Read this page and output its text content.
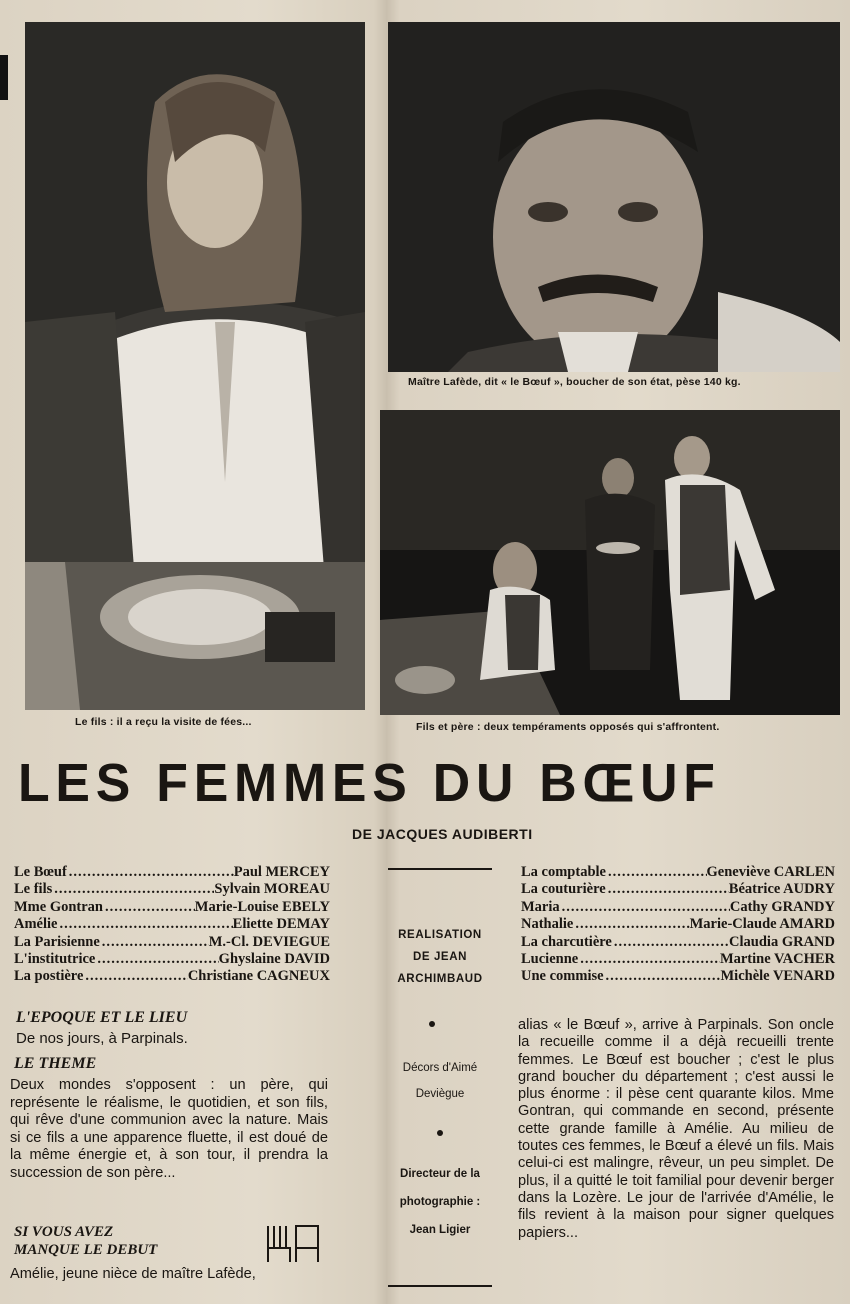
Le fils : il a reçu la visite de fées...
Maître Lafède, dit « le Bœuf », boucher de son état, pèse 140 kg.
Fils et père : deux tempéraments opposés qui s'affrontent.
LES FEMMES DU BŒUF
DE JACQUES AUDIBERTI
Le Bœuf .....	Paul MERCEY
Le fils .....	Sylvain MOREAU
Mme Gontran .....	Marie-Louise EBELY
Amélie .....	Eliette DEMAY
La Parisienne .....	M.-Cl. DEVIEGUE
L'institutrice .....	Ghyslaine DAVID
La postière .....	Christiane CAGNEUX
La comptable .....	Geneviève CARLEN
La couturière .....	Béatrice AUDRY
Maria .....	Cathy GRANDY
Nathalie .....	Marie-Claude AMARD
La charcutière .....	Claudia GRAND
Lucienne .....	Martine VACHER
Une commise .....	Michèle VENARD
REALISATION
DE JEAN
ARCHIMBAUD
Décors d'Aimé
Deviègue
Directeur de la
photographie :
Jean Ligier
L'EPOQUE ET LE LIEU
De nos jours, à Parpinals.
LE THEME
Deux mondes s'opposent : un père, qui représente le réalisme, le quotidien, et son fils, qui rêve d'une communion avec la nature. Mais si ce fils a une apparence fluette, il est doué de la même énergie et, à son tour, il prendra la succession de son père...
SI VOUS AVEZ
MANQUE LE DEBUT
Amélie, jeune nièce de maître Lafède,
alias « le Bœuf », arrive à Parpinals. Son oncle la recueille comme il a déjà recueilli trente femmes. Le Bœuf est boucher ; c'est le plus grand boucher du département ; c'est aussi le plus énorme : il pèse cent quarante kilos. Mme Gontran, qui commande en second, présente cette grande famille à Amélie. Au milieu de toutes ces femmes, le Bœuf a élevé un fils. Mais celui-ci est malingre, rêveur, un peu simplet. De plus, il a quitté le toit familial pour devenir berger dans la Lozère. Le jour de l'arrivée d'Amélie, le fils revient à la maison pour signer quelques papiers...
